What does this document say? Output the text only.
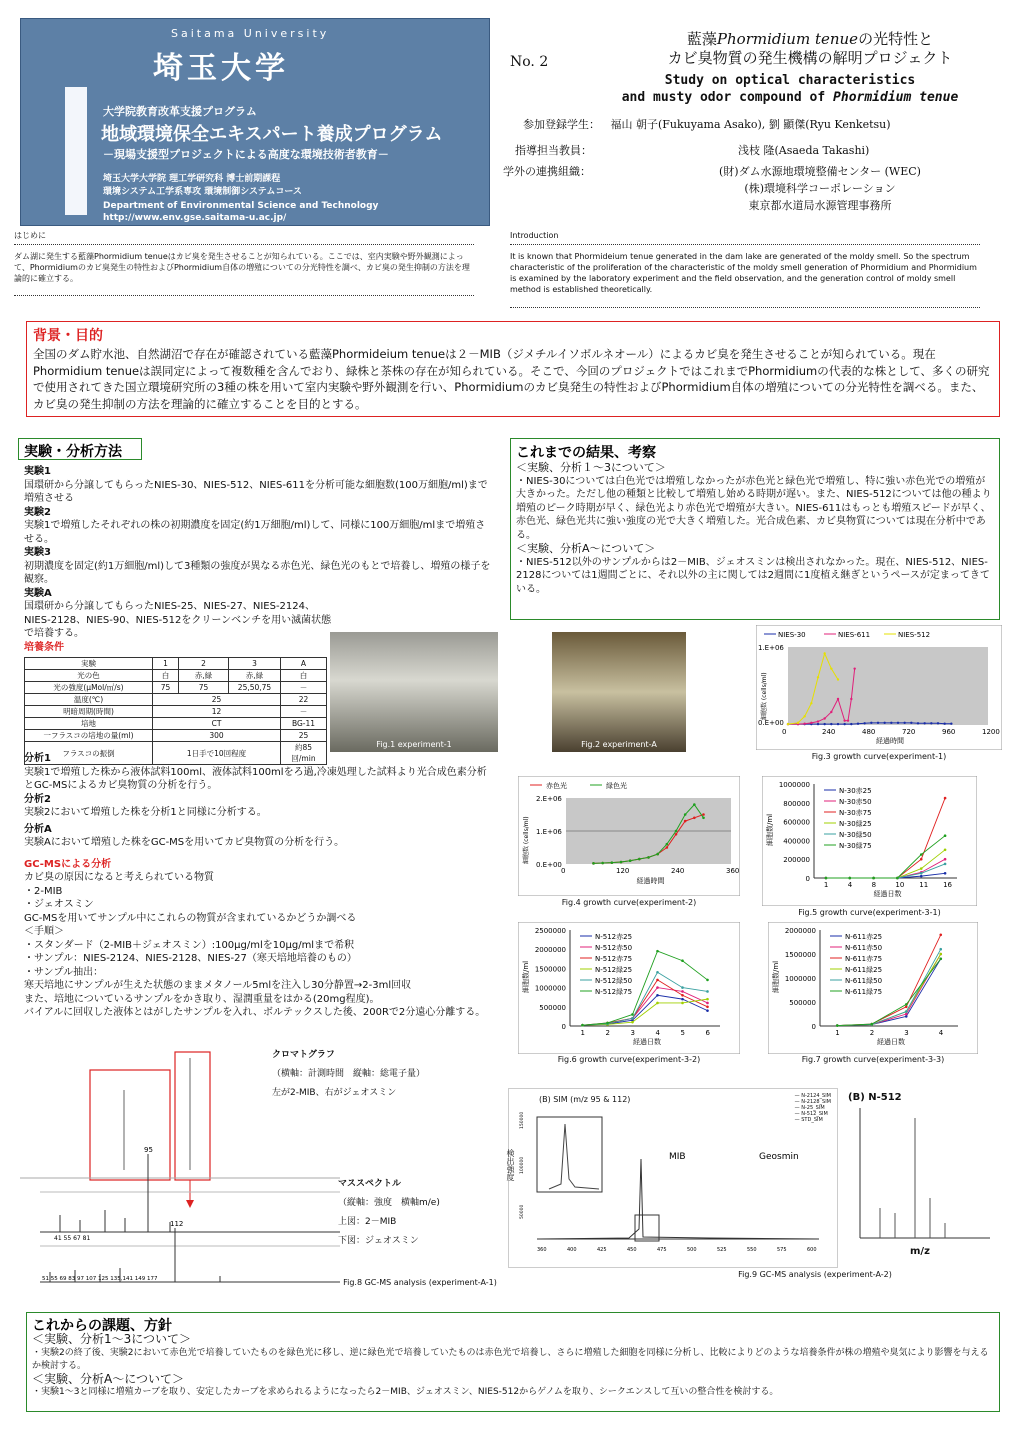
Saitama University
埼玉大学
大学院教育改革支援プログラム
地域環境保全エキスパート養成プログラム
－現場支援型プロジェクトによる高度な環境技術者教育－
埼玉大学大学院 理工学研究科 博士前期課程
環境システム工学系専攻 環境制御システムコース
Department of Environmental Science and Technology
http://www.env.gse.saitama-u.ac.jp/
No. 2
藍藻Phormidium tenueの光特性と
カビ臭物質の発生機構の解明プロジェクト
Study on optical characteristics
and musty odor compound of Phormidium tenue
参加登録学生： 福山 朝子(Fukuyama Asako), 劉 顯傑(Ryu Kenketsu)
指導担当教員：	浅枝 隆(Asaeda Takashi)
学外の連携組織：	(財)ダム水源地環境整備センター (WEC)
(株)環境科学コーポレーション
東京都水道局水源管理事務所
はじめに
ダム湖に発生する藍藻Phormidium tenueはカビ臭を発生させることが知られている。ここでは、室内実験や野外観測によって、Phormidiumのカビ臭発生の特性およびPhormidium自体の増殖についての分光特性を調べ、カビ臭の発生抑制の方法を理論的に確立する。
Introduction
It is known that Phormideium tenue generated in the dam lake are generated of the moldy smell. So the spectrum characteristic of the proliferation of the characteristic of the moldy smell generation of Phormidium and Phormidium is examined by the laboratory experiment and the field observation, and the generation control of moldy smell method is established theoretically.
背景・目的
全国のダム貯水池、自然湖沼で存在が確認されている藍藻Phormideium tenueは２－MIB（ジメチルイソボルネオール）によるカビ臭を発生させることが知られている。現在Phormidium tenueは誤同定によって複数種を含んでおり、緑株と茶株の存在が知られている。そこで、今回のプロジェクトではこれまでPhormidiumの代表的な株として、多くの研究で使用されてきた国立環境研究所の3種の株を用いて室内実験や野外観測を行い、Phormidiumのカビ臭発生の特性およびPhormidium自体の増殖についての分光特性を調べる。また、カビ臭の発生抑制の方法を理論的に確立することを目的とする。
実験・分析方法
実験1
国環研から分譲してもらったNIES-30、NIES-512、NIES-611を分析可能な細胞数(100万細胞/ml)まで増殖させる
実験2
実験1で増殖したそれぞれの株の初期濃度を固定(約1万細胞/ml)して、同様に100万細胞/mlまで増殖させる。
実験3
初期濃度を固定(約1万細胞/ml)して3種類の強度が異なる赤色光、緑色光のもとで培養し、増殖の様子を観察。
実験A
国環研から分譲してもらったNIES-25、NIES-27、NIES-2124、NIES-2128、NIES-90、NIES-512をクリーンベンチを用い滅菌状態で培養する。
培養条件
実験	1	2	3	A
光の色	白	赤,緑	赤,緑	白
光の強度(μMol/㎡/s)	75	75	25,50,75	－
温度(℃)	25			22
明暗周期(時間)	12			－
培地	CT			BG-11
一フラスコの培地の量(ml)	300			25
フラスコの振倒	1日手で10回程度			約85回/min
Fig.1 experiment-1	Fig.2 experiment-A
分析1
実験1で増殖した株から液体試料100ml、液体試料100mlをろ過,冷凍処理した試料より光合成色素分析とGC-MSによるカビ臭物質の分析を行う。
分析2
実験2において増殖した株を分析1と同様に分析する。
分析A
実験Aにおいて増殖した株をGC-MSを用いてカビ臭物質の分析を行う。
GC-MSによる分析
カビ臭の原因になると考えられている物質
・2-MIB
・ジェオスミン
GC-MSを用いてサンプル中にこれらの物質が含まれているかどうか調べる
＜手順＞
・スタンダード（2-MIB＋ジェオスミン）:100μg/mlを10μg/mlまで希釈
・サンプル：NIES-2124、NIES-2128、NIES-27（寒天培地培養のもの）
・サンプル抽出：
寒天培地にサンプルが生えた状態のままメタノール5mlを注入し30分静置→2-3ml回収
また、培地についているサンプルをかき取り、湿潤重量をはかる(20mg程度)。
バイアルに回収した液体とはがしたサンプルを入れ、ボルテックスした後、200Rで2分遠心分離する。
これまでの結果、考察
＜実験、分析１～3について＞
・NIES-30については白色光では増殖しなかったが赤色光と緑色光で増殖し、特に強い赤色光での増殖が大きかった。ただし他の種類と比較して増殖し始める時期が遅い。また、NIES-512については他の種より増殖のピーク時期が早く、緑色光より赤色光で増殖が大きい。NIES-611はもっとも増殖スピードが早く、赤色光、緑色光共に強い強度の光で大きく増殖した。光合成色素、カビ臭物質については現在分析中である。
＜実験、分析A～について＞
・NIES-512以外のサンプルからは2－MIB、ジェオスミンは検出されなかった。現在、NIES-512、NIES-2128については1週間ごとに、それ以外の主に関しては2週間に1度植え継ぎというペースが定まってきている。
NIES-30	NIES-611	NIES-512
0	240	480	720	960	1200
1.E+06
0.E+00
経過時間
細胞数 (cells/ml)
Fig.3 growth curve(experiment-1)
赤色光	緑色光
0	120	240	360
0.E+00
1.E+06
2.E+06
経過時間
細胞数 (cells/ml)
Fig.4 growth curve(experiment-2)
0
200000
400000
600000
800000
1000000
1	4	8	10 11 16
N-30赤25
N-30赤50
N-30赤75
N-30緑25
N-30緑50
N-30緑75
経過日数
細胞数/ml
Fig.5 growth curve(experiment-3-1)
0
500000
1000000
1500000
2000000
2500000
1	2	3	4	5	6
N-512赤25
N-512赤50
N-512赤75
N-512緑25
N-512緑50
N-512緑75
経過日数
細胞数/ml
Fig.6 growth curve(experiment-3-2)
0
500000
1000000
1500000
2000000
1	2	3	4
N-611赤25
N-611赤50
N-611赤75
N-611緑25
N-611緑50
N-611緑75
経過日数
細胞数/ml
Fig.7 growth curve(experiment-3-3)
95
41 55 67 81
112
51 55 69 83 97 107 125 135,141 149 177
クロマトグラフ
（横軸：計測時間　縦軸：総電子量）
左が2-MIB、右がジェオスミン
マススペクトル
（縦軸：強度　横軸m/e)
上図：2－MIB
下図：ジェオスミン
Fig.8 GC-MS analysis (experiment-A-1)
(B) SIM (m/z 95 & 112)
検出強度
— N-2124_SIM
— N-2128_SIM
— N-25_SIM
— N-512_SIM
— STD_SIM
MIB	Geosmin
360	400	425	450	475	500	525	550	575	600
150000
100000
50000
(B) N-512
m/z
Fig.9 GC-MS analysis (experiment-A-2)
これからの課題、方針
＜実験、分析1～3について＞
・実験2の終了後、実験2において赤色光で培養していたものを緑色光に移し、逆に緑色光で培養していたものは赤色光で培養し、さらに増殖した細胞を同様に分析し、比較によりどのような培養条件が株の増殖や臭気により影響を与えるか検討する。
＜実験、分析A～について＞
・実験1～3と同様に増殖カーブを取り、安定したカーブを求められるようになったら2－MIB、ジェオスミン、NIES-512からゲノムを取り、シークエンスして互いの整合性を検討する。
